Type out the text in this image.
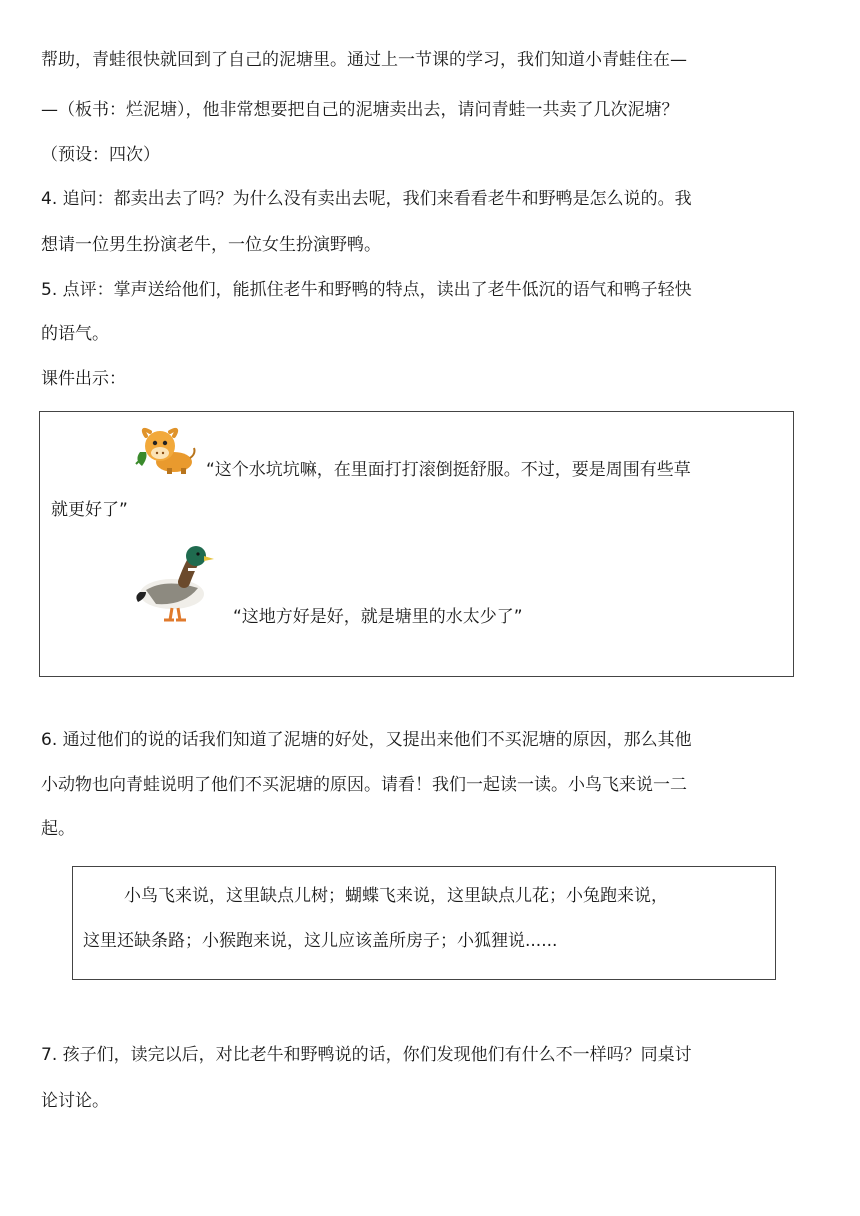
帮助，青蛙很快就回到了自己的泥塘里。通过上一节课的学习，我们知道小青蛙住在—
—（板书：烂泥塘），他非常想要把自己的泥塘卖出去，请问青蛙一共卖了几次泥塘？
（预设：四次）
4. 追问：都卖出去了吗？为什么没有卖出去呢，我们来看看老牛和野鸭是怎么说的。我
想请一位男生扮演老牛，一位女生扮演野鸭。
5. 点评：掌声送给他们，能抓住老牛和野鸭的特点，读出了老牛低沉的语气和鸭子轻快
的语气。
课件出示：
“这个水坑坑嘛，在里面打打滚倒挺舒服。不过，要是周围有些草
就更好了”
“这地方好是好，就是塘里的水太少了”
6. 通过他们的说的话我们知道了泥塘的好处，又提出来他们不买泥塘的原因，那么其他
小动物也向青蛙说明了他们不买泥塘的原因。请看！我们一起读一读。小鸟飞来说一二
起。
小鸟飞来说，这里缺点儿树；蝴蝶飞来说，这里缺点儿花；小兔跑来说，
这里还缺条路；小猴跑来说，这儿应该盖所房子；小狐狸说......
7. 孩子们，读完以后，对比老牛和野鸭说的话，你们发现他们有什么不一样吗？同桌讨
论讨论。
